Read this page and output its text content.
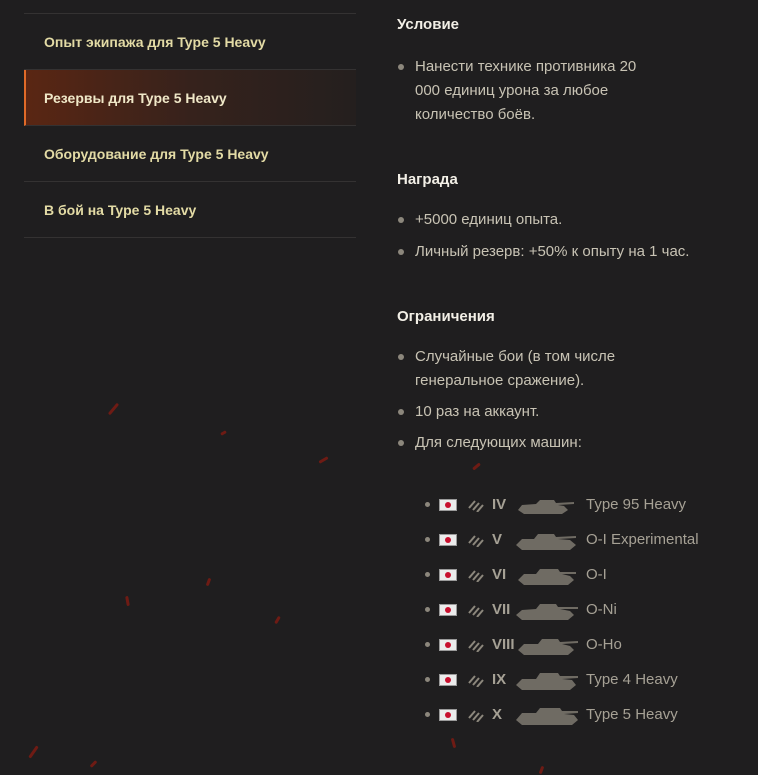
Опыт экипажа для Type 5 Heavy
Резервы для Type 5 Heavy
Оборудование для Type 5 Heavy
В бой на Type 5 Heavy
Условие
Нанести технике противника 20 000 единиц урона за любое количество боёв.
Награда
+5000 единиц опыта.
Личный резерв: +50% к опыту на 1 час.
Ограничения
Случайные бои (в том числе генеральное сражение).
10 раз на аккаунт.
Для следующих машин:
IV	Type 95 Heavy
V	O-I Experimental
VI	O-I
VII	O-Ni
VIII	O-Ho
IX	Type 4 Heavy
X	Type 5 Heavy
